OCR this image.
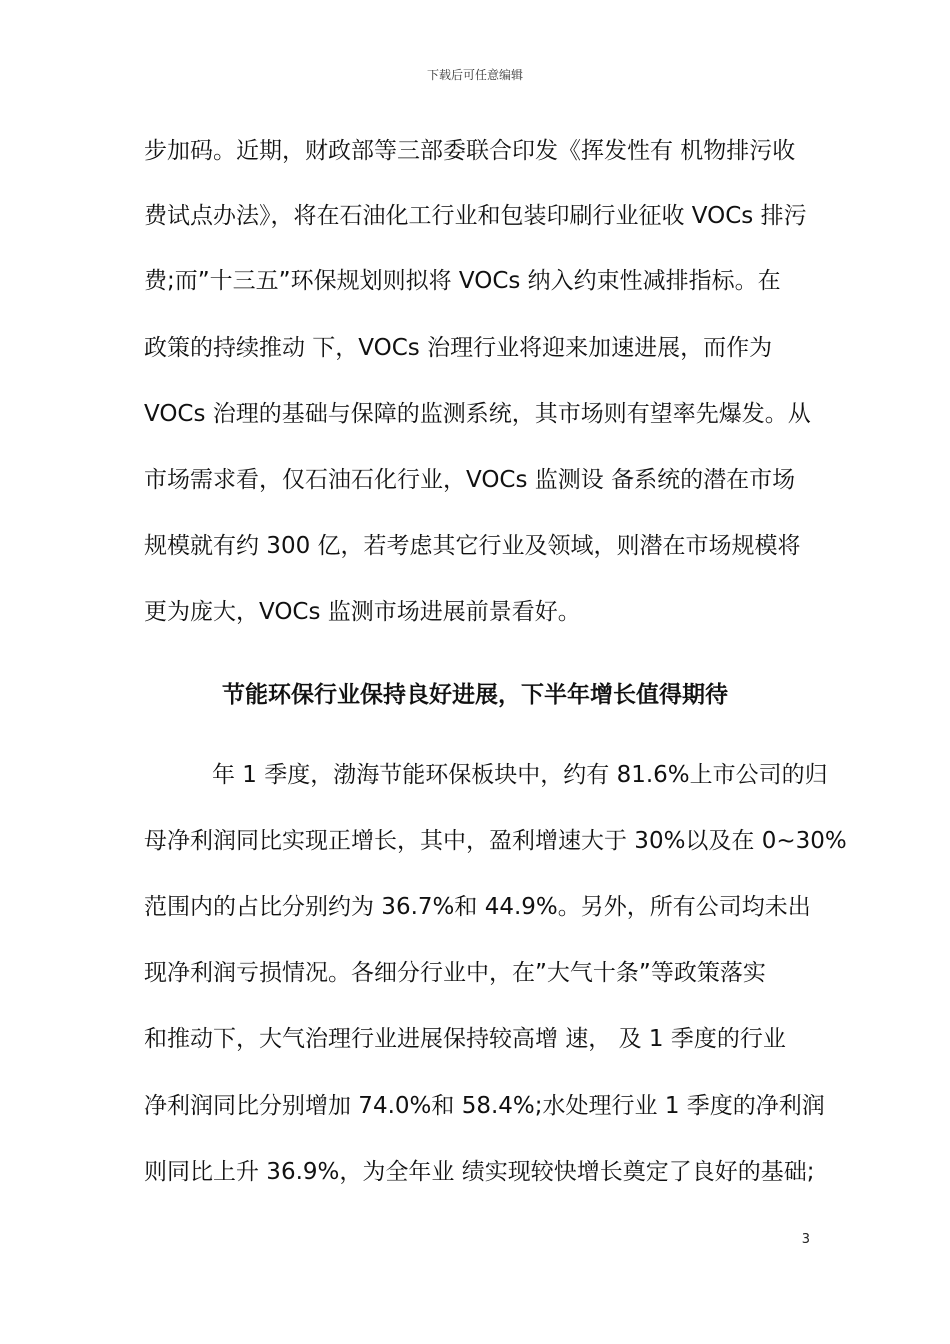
下载后可任意编辑
步加码。近期，财政部等三部委联合印发《挥发性有 机物排污收
费试点办法》，将在石油化工行业和包装印刷行业征收 VOCs 排污
费;而”十三五”环保规划则拟将 VOCs 纳入约束性减排指标。在
政策的持续推动 下，VOCs 治理行业将迎来加速进展，而作为
VOCs 治理的基础与保障的监测系统，其市场则有望率先爆发。从
市场需求看，仅石油石化行业，VOCs 监测设 备系统的潜在市场
规模就有约 300 亿，若考虑其它行业及领域，则潜在市场规模将
更为庞大，VOCs 监测市场进展前景看好。
节能环保行业保持良好进展，下半年增长值得期待
年 1 季度，渤海节能环保板块中，约有 81.6%上市公司的归
母净利润同比实现正增长，其中，盈利增速大于 30%以及在 0~30%
范围内的占比分别约为 36.7%和 44.9%。另外，所有公司均未出
现净利润亏损情况。各细分行业中，在”大气十条”等政策落实
和推动下，大气治理行业进展保持较高增 速， 及 1 季度的行业
净利润同比分别增加 74.0%和 58.4%;水处理行业 1 季度的净利润
则同比上升 36.9%，为全年业 绩实现较快增长奠定了良好的基础;
3
